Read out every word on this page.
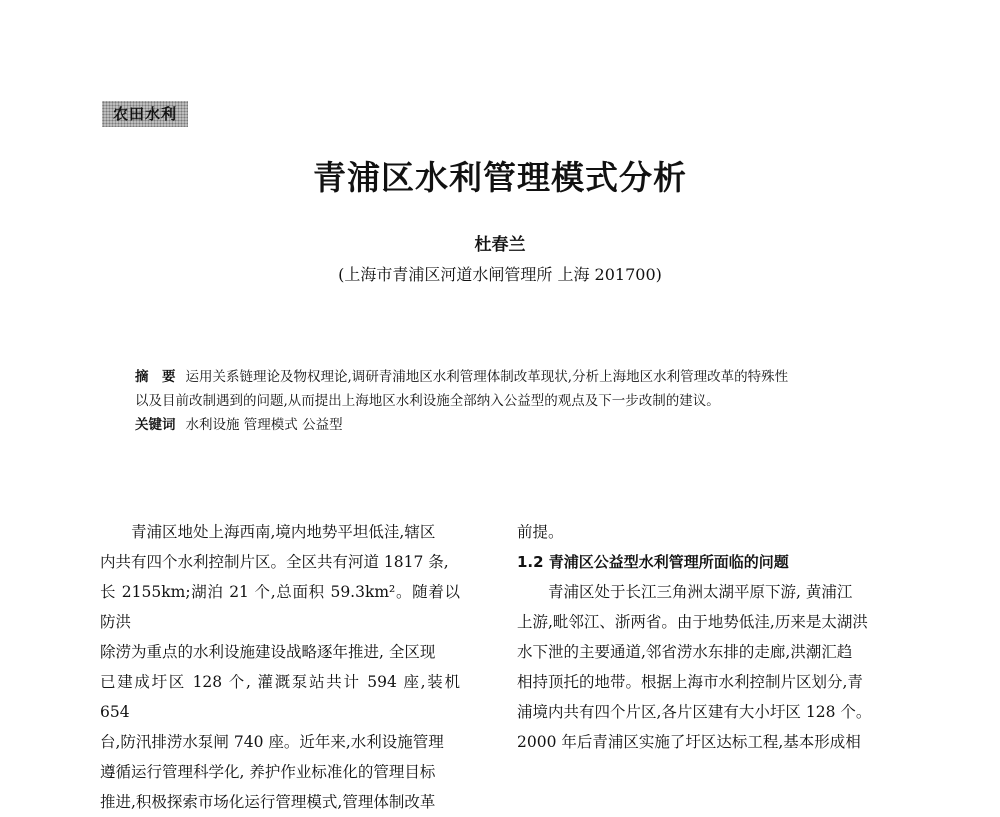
农田水利
青浦区水利管理模式分析
杜春兰
(上海市青浦区河道水闸管理所 上海 201700)

摘　要 运用关系链理论及物权理论,调研青浦地区水利管理体制改革现状,分析上海地区水利管理改革的特殊性

以及目前改制遇到的问题,从而提出上海地区水利设施全部纳入公益型的观点及下一步改制的建议。

关键词 水利设施 管理模式 公益型

青浦区地处上海西南,境内地势平坦低洼,辖区

内共有四个水利控制片区。全区共有河道 1817 条,

长 2155km;湖泊 21 个,总面积 59.3km²。随着以防洪

除涝为重点的水利设施建设战略逐年推进, 全区现

已建成圩区 128 个, 灌溉泵站共计 594 座,装机 654

台,防汛排涝水泵闸 740 座。近年来,水利设施管理

遵循运行管理科学化, 养护作业标准化的管理目标

推进,积极探索市场化运行管理模式,管理体制改革

前提。

1.2 青浦区公益型水利管理所面临的问题

青浦区处于长江三角洲太湖平原下游, 黄浦江

上游,毗邻江、浙两省。由于地势低洼,历来是太湖洪

水下泄的主要通道,邻省涝水东排的走廊,洪潮汇趋

相持顶托的地带。根据上海市水利控制片区划分,青

浦境内共有四个片区,各片区建有大小圩区 128 个。

2000 年后青浦区实施了圩区达标工程,基本形成相
